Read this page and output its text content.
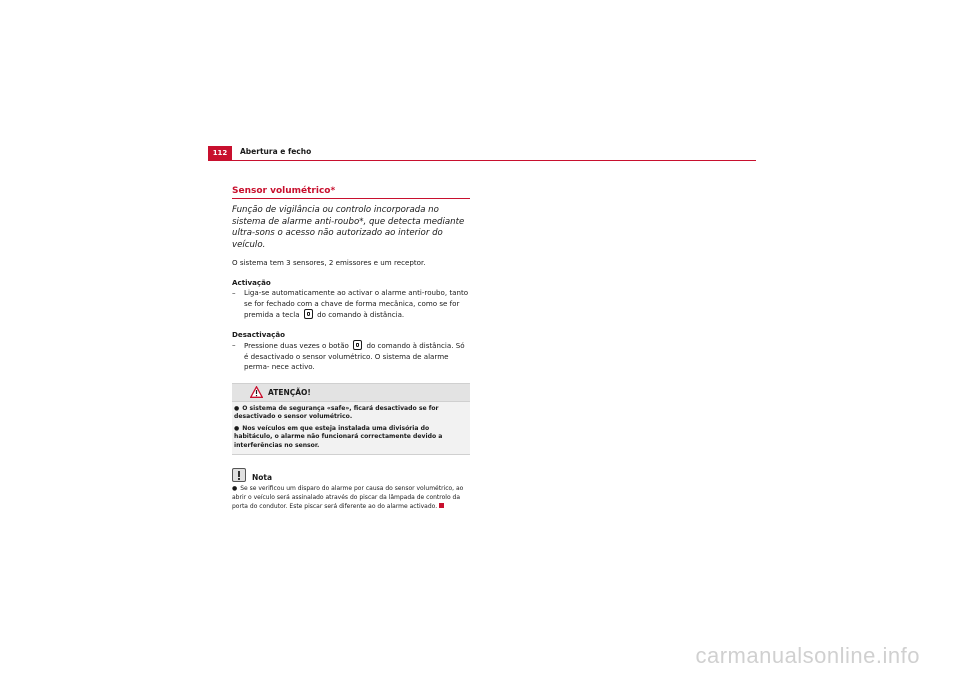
112	Abertura e fecho
Sensor volumétrico*

Função de vigilância ou controlo incorporada no sistema de alarme anti-roubo*, que detecta mediante ultra-sons o acesso não autorizado ao interior do veículo.

O sistema tem 3 sensores, 2 emissores e um receptor.

Activação

– Liga-se automaticamente ao activar o alarme anti-roubo, tanto se for fechado com a chave de forma mecânica, como se for premida a tecla do comando à distância.

Desactivação

– Pressione duas vezes o botão do comando à distância. Só é desactivado o sensor volumétrico. O sistema de alarme perma- nece activo.
ATENÇÃO!
● O sistema de segurança «safe», ficará desactivado se for desactivado o sensor volumétrico.
● Nos veículos em que esteja instalada uma divisória do habitáculo, o alarme não funcionará correctamente devido a interferências no sensor.
Nota

● Se se verificou um disparo do alarme por causa do sensor volumétrico, ao abrir o veículo será assinalado através do piscar da lâmpada de controlo da porta do condutor. Este piscar será diferente ao do alarme activado.

carmanualsonline.info
